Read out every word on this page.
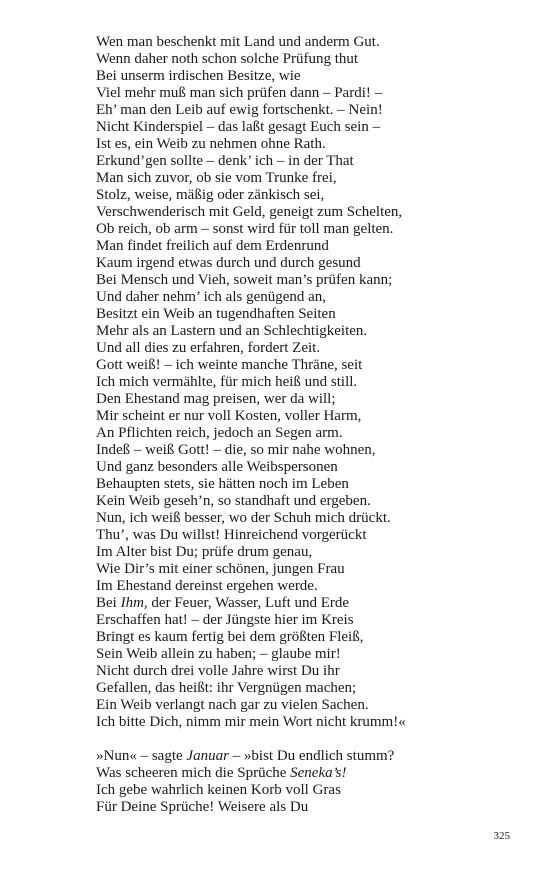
Wen man beschenkt mit Land und anderm Gut.

Wenn daher noth schon solche Prüfung thut

Bei unserm irdischen Besitze, wie

Viel mehr muß man sich prüfen dann – Pardi! –

Eh’ man den Leib auf ewig fortschenkt. – Nein!

Nicht Kinderspiel – das laßt gesagt Euch sein –

Ist es, ein Weib zu nehmen ohne Rath.

Erkund’gen sollte – denk’ ich – in der That

Man sich zuvor, ob sie vom Trunke frei,

Stolz, weise, mäßig oder zänkisch sei,

Verschwenderisch mit Geld, geneigt zum Schelten,

Ob reich, ob arm – sonst wird für toll man gelten.

Man findet freilich auf dem Erdenrund

Kaum irgend etwas durch und durch gesund

Bei Mensch und Vieh, soweit man’s prüfen kann;

Und daher nehm’ ich als genügend an,

Besitzt ein Weib an tugendhaften Seiten

Mehr als an Lastern und an Schlechtigkeiten.

Und all dies zu erfahren, fordert Zeit.

Gott weiß! – ich weinte manche Thräne, seit

Ich mich vermählte, für mich heiß und still.

Den Ehestand mag preisen, wer da will;

Mir scheint er nur voll Kosten, voller Harm,

An Pflichten reich, jedoch an Segen arm.

Indeß – weiß Gott! – die, so mir nahe wohnen,

Und ganz besonders alle Weibspersonen

Behaupten stets, sie hätten noch im Leben

Kein Weib geseh’n, so standhaft und ergeben.

Nun, ich weiß besser, wo der Schuh mich drückt.

Thu’, was Du willst! Hinreichend vorgerückt

Im Alter bist Du; prüfe drum genau,

Wie Dir’s mit einer schönen, jungen Frau

Im Ehestand dereinst ergehen werde.

Bei Ihm, der Feuer, Wasser, Luft und Erde

Erschaffen hat! – der Jüngste hier im Kreis

Bringt es kaum fertig bei dem größten Fleiß,

Sein Weib allein zu haben; – glaube mir!

Nicht durch drei volle Jahre wirst Du ihr

Gefallen, das heißt: ihr Vergnügen machen;

Ein Weib verlangt nach gar zu vielen Sachen.

Ich bitte Dich, nimm mir mein Wort nicht krumm!«

»Nun« – sagte Januar – »bist Du endlich stumm?

Was scheeren mich die Sprüche Seneka’s!

Ich gebe wahrlich keinen Korb voll Gras

Für Deine Sprüche! Weisere als Du

325
